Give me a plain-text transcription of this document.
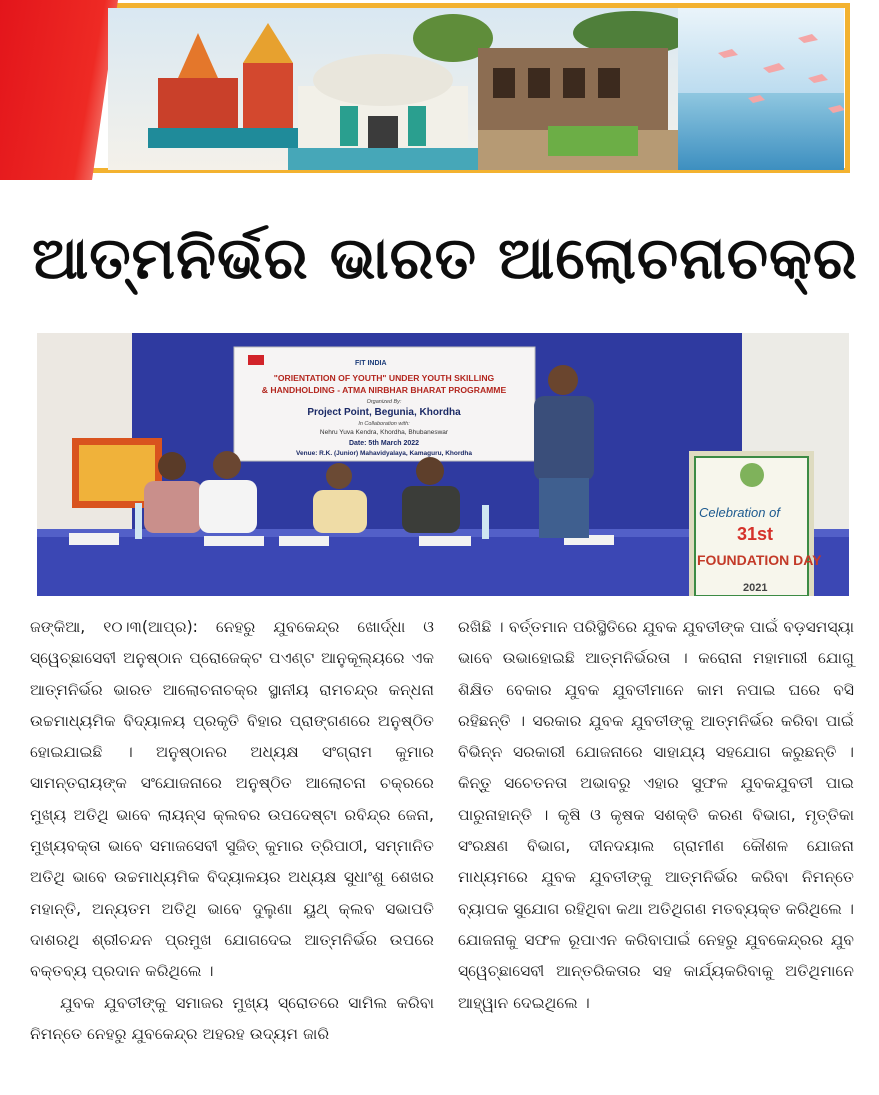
ଆତ୍ମନିର୍ଭର ଭାରତ ଆଲୋଚନାଚକ୍ର
FIT INDIA
"ORIENTATION OF YOUTH" UNDER YOUTH SKILLING
& HANDHOLDING - ATMA NIRBHAR BHARAT PROGRAMME
Organized By:
Project Point, Begunia, Khordha
In Collaboration with:
Nehru Yuva Kendra, Khordha, Bhubaneswar
Date: 5th March 2022
Venue: R.K. (Junior) Mahavidyalaya, Kamaguru, Khordha
Celebration of
31st
FOUNDATION DAY
2021

ଜଙ୍କିଆ, ୧୦।୩(ଆପ୍ର): ନେହରୁ ଯୁବକେନ୍ଦ୍ର ଖୋର୍ଦ୍ଧା ଓ ସ୍ୱେଚ୍ଛାସେବୀ ଅନୁଷ୍ଠାନ ପ୍ରୋଜେକ୍ଟ ପଏଣ୍ଟ ଆନୁକୂଲ୍ୟରେ ଏକ ଆତ୍ମନିର୍ଭର ଭାରତ ଆଲୋଚନାଚକ୍ର ସ୍ଥାନୀୟ ରାମଚନ୍ଦ୍ର କନ୍ଧନା ଉଚ୍ଚମାଧ୍ୟମିକ ବିଦ୍ୟାଳୟ ପ୍ରକୃତି ବିହାର ପ୍ରାଙ୍ଗଣରେ ଅନୁଷ୍ଠିତ ହୋଇଯାଇଛି । ଅନୁଷ୍ଠାନର ଅଧ୍ୟକ୍ଷ ସଂଗ୍ରାମ କୁମାର ସାମନ୍ତରାୟଙ୍କ ସଂଯୋଜନାରେ ଅନୁଷ୍ଠିତ ଆଲୋଚନା ଚକ୍ରରେ ମୁଖ୍ୟ ଅତିଥି ଭାବେ ଲାୟନ୍ସ କ୍ଲବର ଉପଦେଷ୍ଟା ରବିନ୍ଦ୍ର ଜେନା, ମୁଖ୍ୟବକ୍ତା ଭାବେ ସମାଜସେବୀ ସୁଜିତ୍ କୁମାର ତ୍ରିପାଠୀ, ସମ୍ମାନିତ ଅତିଥି ଭାବେ ଉଚ୍ଚମାଧ୍ୟମିକ ବିଦ୍ୟାଳୟର ଅଧ୍ୟକ୍ଷ ସୁଧାଂଶୁ ଶେଖର ମହାନ୍ତି, ଅନ୍ୟତମ ଅତିଥି ଭାବେ ଦୁଲୁଣା ୟୁଥ୍ କ୍ଲବ ସଭାପତି ଦାଶରଥି ଶ୍ରୀଚନ୍ଦନ ପ୍ରମୁଖ ଯୋଗଦେଇ ଆତ୍ମନିର୍ଭର ଉପରେ ବକ୍ତବ୍ୟ ପ୍ରଦାନ କରିଥିଲେ ।

ଯୁବକ ଯୁବତୀଙ୍କୁ ସମାଜର ମୁଖ୍ୟ ସ୍ରୋତରେ ସାମିଲ କରିବା ନିମନ୍ତେ ନେହରୁ ଯୁବକେନ୍ଦ୍ର ଅହରହ ଉଦ୍ୟମ ଜାରି

ରଖିଛି । ବର୍ତ୍ତମାନ ପରିସ୍ଥିତିରେ ଯୁବକ ଯୁବତୀଙ୍କ ପାଇଁ ବଡ଼ସମସ୍ୟା ଭାବେ ଉଭାହୋଇଛି ଆତ୍ମନିର୍ଭରତା । କରୋନା ମହାମାରୀ ଯୋଗୁ ଶିକ୍ଷିତ ବେକାର ଯୁବକ ଯୁବତୀମାନେ କାମ ନପାଇ ଘରେ ବସି ରହିଛନ୍ତି । ସରକାର ଯୁବକ ଯୁବତୀଙ୍କୁ ଆତ୍ମନିର୍ଭର କରିବା ପାଇଁ ବିଭିନ୍ନ ସରକାରୀ ଯୋଜନାରେ ସାହାଯ୍ୟ ସହଯୋଗ କରୁଛନ୍ତି । କିନ୍ତୁ ସଚେତନତା ଅଭାବରୁ ଏହାର ସୁଫଳ ଯୁବକଯୁବତୀ ପାଇ ପାରୁନାହାନ୍ତି । କୃଷି ଓ କୃଷକ ସଶକ୍ତି କରଣ ବିଭାଗ, ମୃତ୍ତିକା ସଂରକ୍ଷଣ ବିଭାଗ, ଦୀନଦୟାଲ ଗ୍ରାମୀଣ କୌଶଳ ଯୋଜନା ମାଧ୍ୟମରେ ଯୁବକ ଯୁବତୀଙ୍କୁ ଆତ୍ମନିର୍ଭର କରିବା ନିମନ୍ତେ ବ୍ୟାପକ ସୁଯୋଗ ରହିଥିବା କଥା ଅତିଥିଗଣ ମତବ୍ୟକ୍ତ କରିଥିଲେ । ଯୋଜନାକୁ ସଫଳ ରୂପାଏନ କରିବାପାଇଁ ନେହରୁ ଯୁବକେନ୍ଦ୍ରର ଯୁବ ସ୍ୱେଚ୍ଛାସେବୀ ଆନ୍ତରିକତାର ସହ କାର୍ଯ୍ୟକରିବାକୁ ଅତିଥିମାନେ ଆହ୍ୱାନ ଦେଇଥିଲେ ।
